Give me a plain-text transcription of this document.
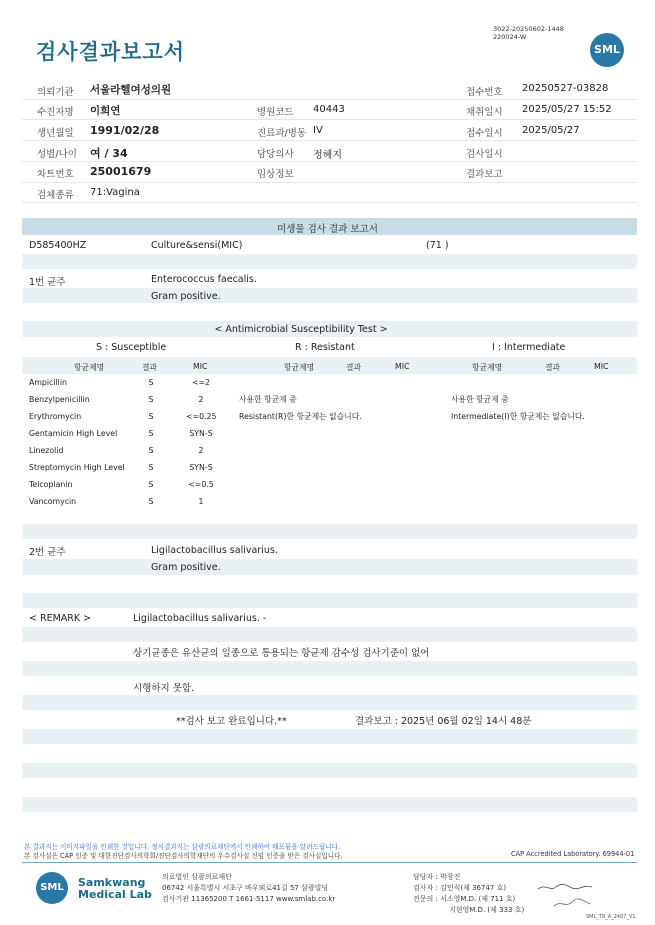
검사결과보고서
3022-20250602-1448
220024-W
SML
의뢰기관 서울라헬여성의원	접수번호 20250527-03828
수진자명 이희연	병원코드 40443	채취일시 2025/05/27 15:52
생년월일 1991/02/28	진료과/병동 IV	접수일시 2025/05/27
성별/나이 여 / 34	담당의사 정혜지	검사일시
차트번호 25001679	임상정보	결과보고
검체종류 71:Vagina
미생물 검사 결과 보고서
D585400HZ	Culture&sensi(MIC)	(71 )
1번 균주	Enterococcus faecalis.
Gram positive.
< Antimicrobial Susceptibility Test >
S : Susceptible	R : Resistant	I : Intermediate
항균제명	결과	MIC	항균제명	결과	MIC	항균제명	결과	MIC
Ampicillin	S	<=2
Benzylpenicillin	S	2
Erythromycin	S	<=0.25
Gentamicin High Level	S	SYN-S
Linezolid	S	2
Streptomycin High Level	S	SYN-S
Teicoplanin	S	<=0.5
Vancomycin	S	1
사용한 항균제 중
Resistant(R)한 항균제는 없습니다.
사용한 항균제 중
Intermediate(I)한 항균제는 없습니다.
2번 균주	Ligilactobacillus salivarius.
Gram positive.
< REMARK >	Ligilactobacillus salivarius. -
상기균종은 유산균의 일종으로 통용되는 항균제 감수성 검사기준이 없어
시행하지 못함.
**검사 보고 완료입니다.**	결과보고 : 2025년 06월 02일 14시 48분
본 결과지는 이미지파일을 인쇄한 것입니다. 정식결과지는 삼광의료재단에서 인쇄하여 배포됨을 알려드립니다.
본 검사실은 CAP 인증 및 대한진단검사의학회/진단검사의학재단의 우수검사실 신임 인증을 받은 검사실입니다.	CAP Accredited Laboratory. 69944-01
SML	Samkwang
Medical Lab
의료법인 삼광의료재단
06742 서울특별시 서초구 바우뫼로41길 57 삼광빌딩
검사기관 11365200 T 1661-5117 www.smlab.co.kr
담당자 : 박창진
검사자 : 김민식(제 36747 호)
전문의 : 서소영M.D. (제 711 호)
지현영M.D. (제 333 호)
SML_TR_A_2407_V1
